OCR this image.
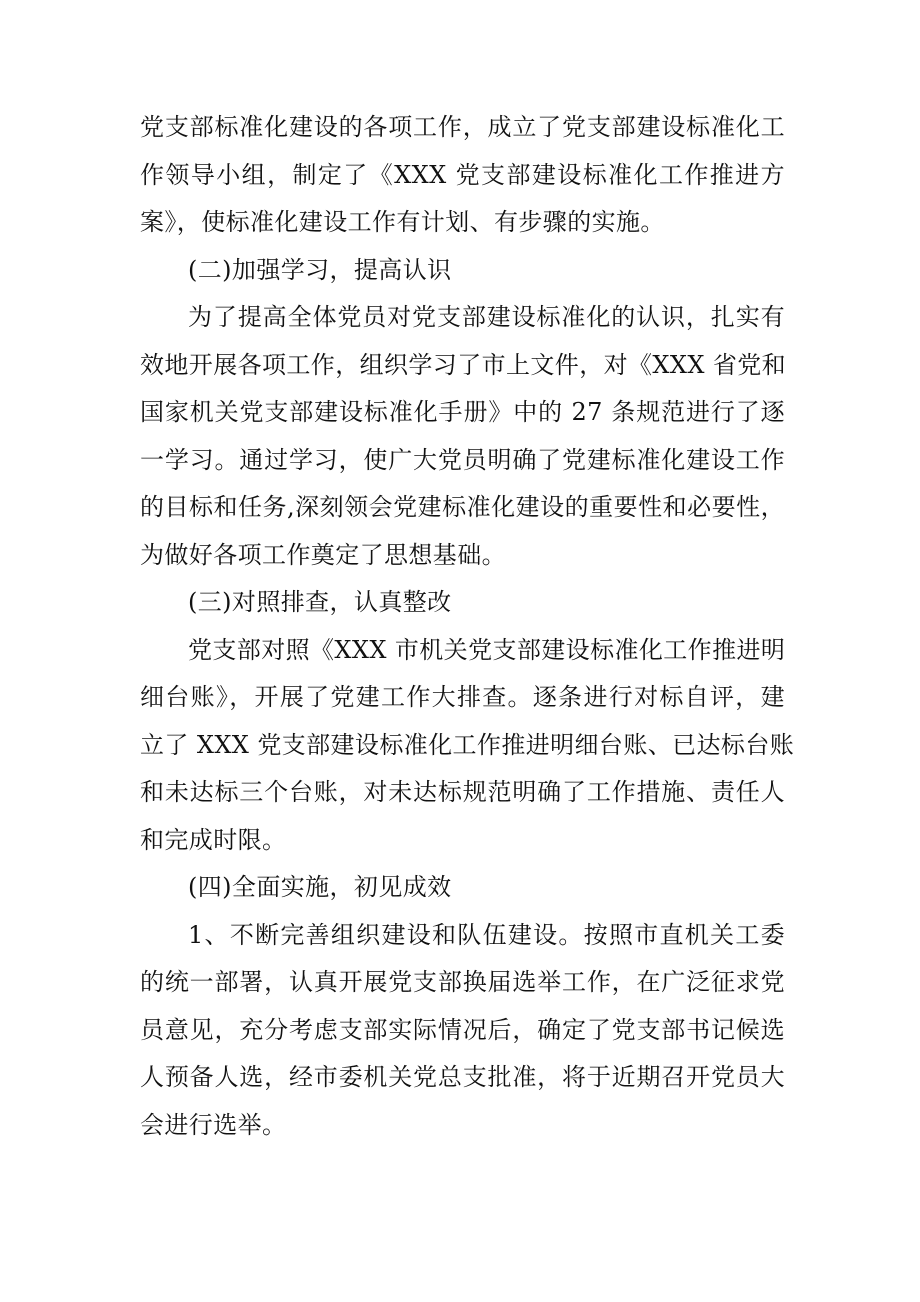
党支部标准化建设的各项工作，成立了党支部建设标准化工
作领导小组，制定了《XXX 党支部建设标准化工作推进方
案》，使标准化建设工作有计划、有步骤的实施。

(二)加强学习，提高认识

为了提高全体党员对党支部建设标准化的认识，扎实有
效地开展各项工作，组织学习了市上文件，对《XXX 省党和
国家机关党支部建设标准化手册》中的 27 条规范进行了逐
一学习。通过学习，使广大党员明确了党建标准化建设工作
的目标和任务,深刻领会党建标准化建设的重要性和必要性，
为做好各项工作奠定了思想基础。

(三)对照排查，认真整改

党支部对照《XXX 市机关党支部建设标准化工作推进明
细台账》，开展了党建工作大排查。逐条进行对标自评，建
立了 XXX 党支部建设标准化工作推进明细台账、已达标台账
和未达标三个台账，对未达标规范明确了工作措施、责任人
和完成时限。

(四)全面实施，初见成效

1、不断完善组织建设和队伍建设。按照市直机关工委
的统一部署，认真开展党支部换届选举工作，在广泛征求党
员意见，充分考虑支部实际情况后，确定了党支部书记候选
人预备人选，经市委机关党总支批准，将于近期召开党员大
会进行选举。
